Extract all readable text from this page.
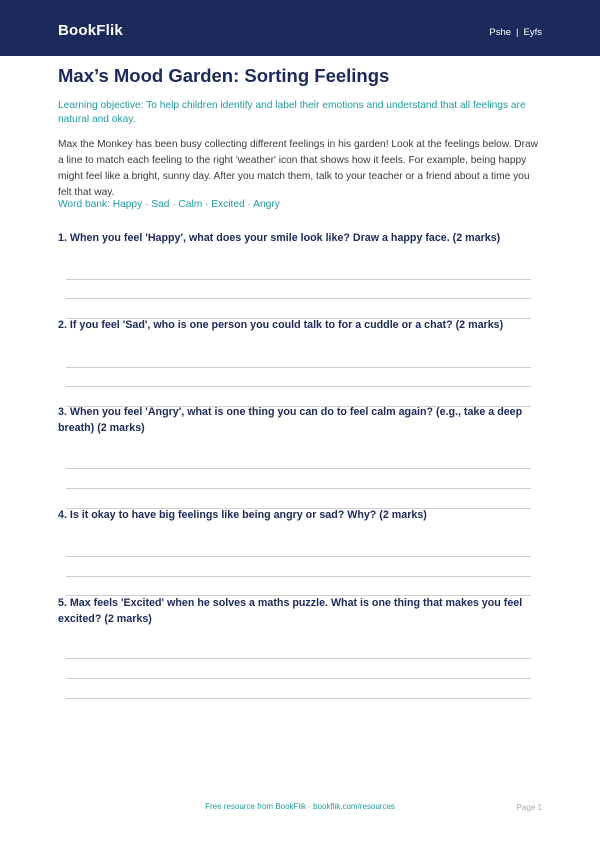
BookFlik	Pshe | Eyfs
Max’s Mood Garden: Sorting Feelings
Learning objective: To help children identify and label their emotions and understand that all feelings are natural and okay.
Max the Monkey has been busy collecting different feelings in his garden! Look at the feelings below. Draw a line to match each feeling to the right 'weather' icon that shows how it feels. For example, being happy might feel like a bright, sunny day. After you match them, talk to your teacher or a friend about a time you felt that way.
Word bank: Happy · Sad · Calm · Excited · Angry
1. When you feel 'Happy', what does your smile look like? Draw a happy face. (2 marks)
2. If you feel 'Sad', who is one person you could talk to for a cuddle or a chat? (2 marks)
3. When you feel 'Angry', what is one thing you can do to feel calm again? (e.g., take a deep breath) (2 marks)
4. Is it okay to have big feelings like being angry or sad? Why? (2 marks)
5. Max feels 'Excited' when he solves a maths puzzle. What is one thing that makes you feel excited? (2 marks)
Free resource from BookFlik · bookflik.com/resources	Page 1
